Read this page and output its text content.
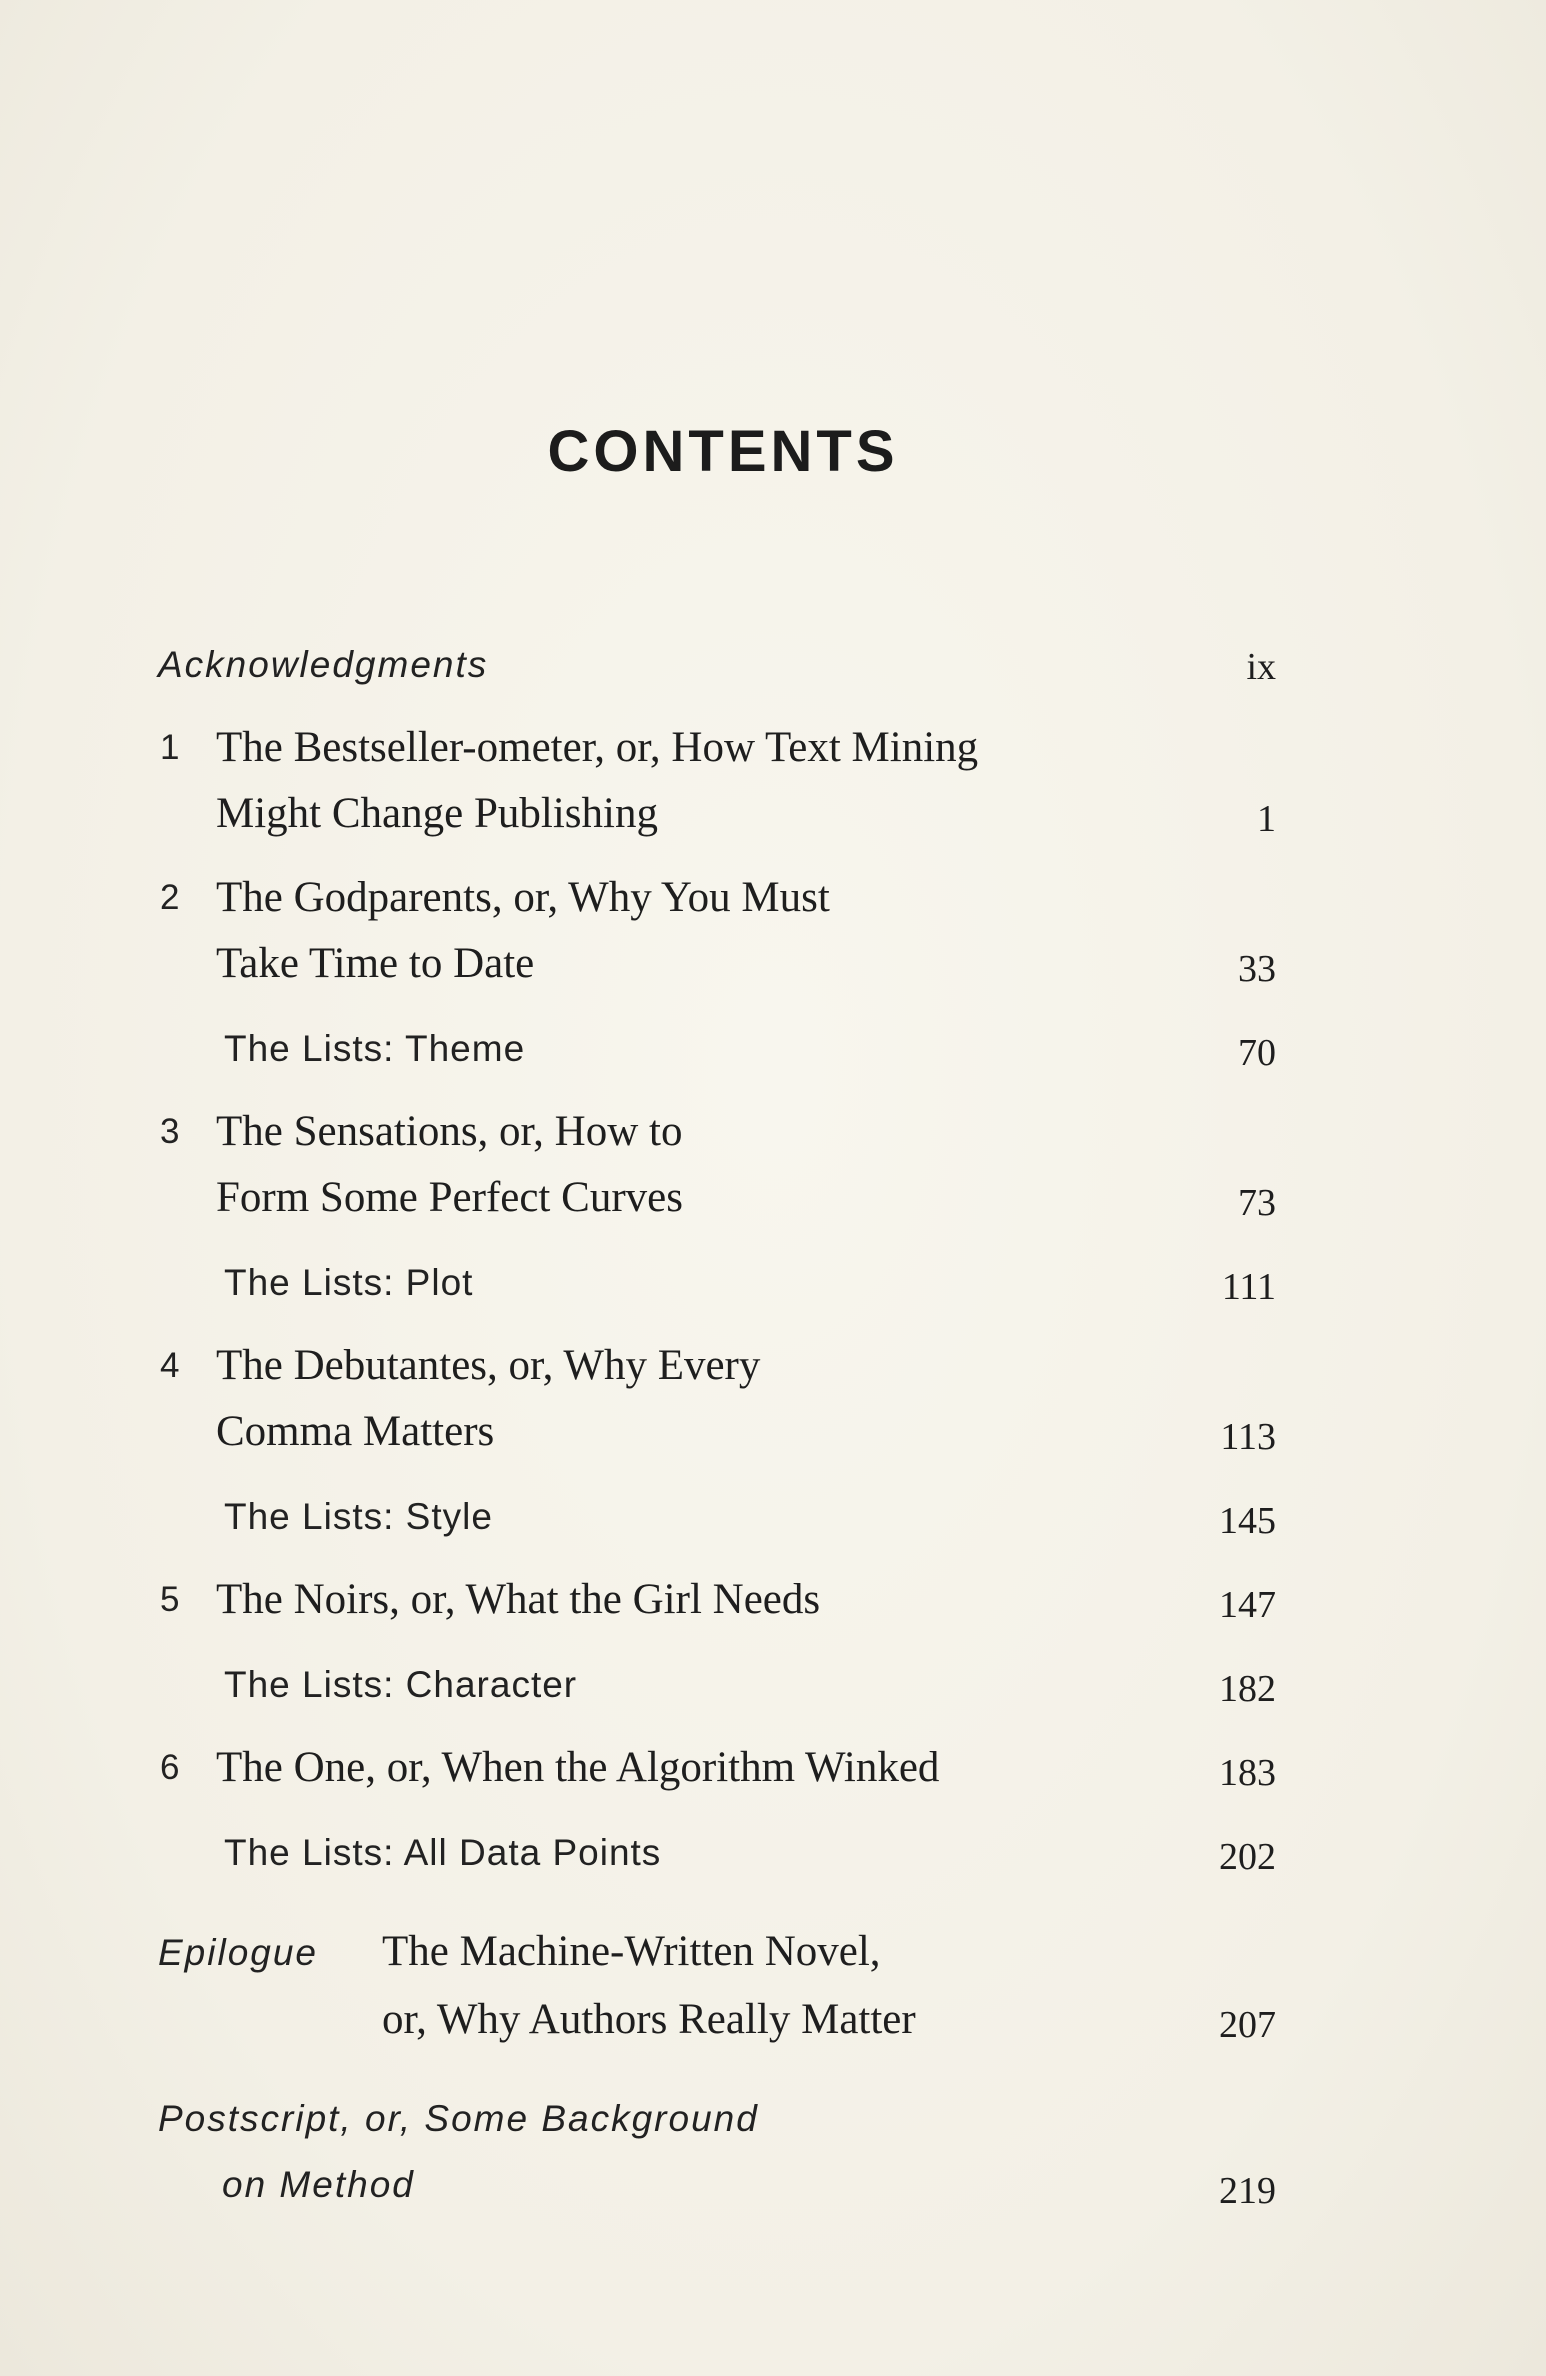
CONTENTS
Acknowledgments	ix
1 The Bestseller-ometer, or, How Text Mining
Might Change Publishing	1
2 The Godparents, or, Why You Must
Take Time to Date	33
The Lists: Theme	70
3 The Sensations, or, How to
Form Some Perfect Curves	73
The Lists: Plot	111
4 The Debutantes, or, Why Every
Comma Matters	113
The Lists: Style	145
5 The Noirs, or, What the Girl Needs	147
The Lists: Character	182
6 The One, or, When the Algorithm Winked	183
The Lists: All Data Points	202
Epilogue The Machine-Written Novel,
or, Why Authors Really Matter	207
Postscript, or, Some Background
on Method	219
